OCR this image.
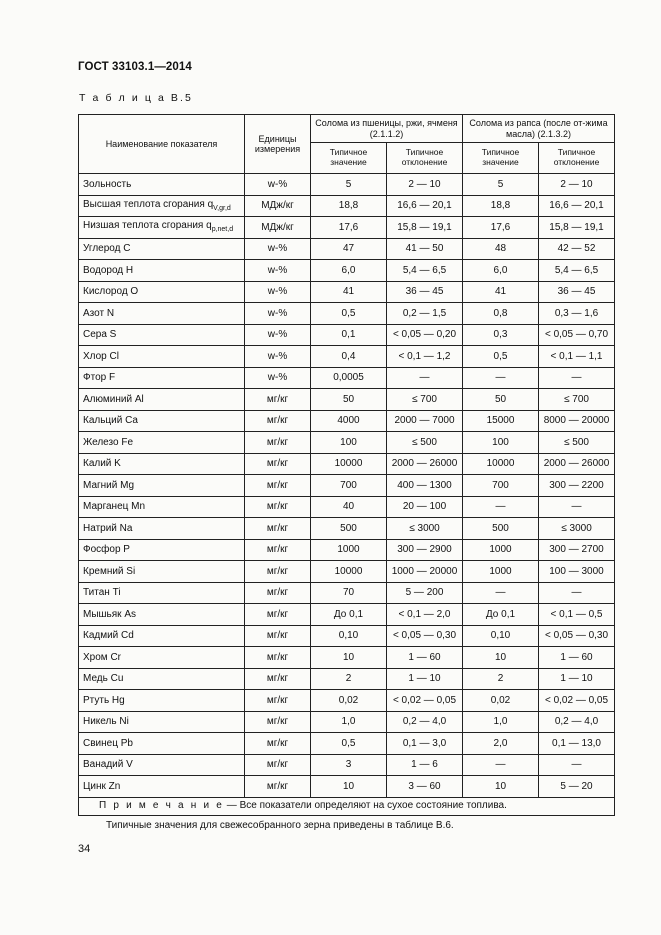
ГОСТ 33103.1—2014
Т а б л и ц а В.5
Наименование показателя	Единицы измерения	Солома из пшеницы, ржи, ячменя (2.1.1.2)		Солома из рапса (после от-жима масла) (2.1.3.2)	
		Типичное значение	Типичное отклонение	Типичное значение	Типичное отклонение
Зольность	w-%	5	2 — 10	5	2 — 10
Высшая теплота сгорания $q_{V,gr,d}$	МДж/кг	18,8	16,6 — 20,1	18,8	16,6 — 20,1
Низшая теплота сгорания $q_{p,net,d}$	МДж/кг	17,6	15,8 — 19,1	17,6	15,8 — 19,1
Углерод C	w-%	47	41 — 50	48	42 — 52
Водород H	w-%	6,0	5,4 — 6,5	6,0	5,4 — 6,5
Кислород O	w-%	41	36 — 45	41	36 — 45
Азот N	w-%	0,5	0,2 — 1,5	0,8	0,3 — 1,6
Сера S	w-%	0,1	< 0,05 — 0,20	0,3	< 0,05 — 0,70
Хлор Cl	w-%	0,4	< 0,1 — 1,2	0,5	< 0,1 — 1,1
Фтор F	w-%	0,0005	—	—	—
Алюминий Al	мг/кг	50	≤ 700	50	≤ 700
Кальций Ca	мг/кг	4000	2000 — 7000	15000	8000 — 20000
Железо Fe	мг/кг	100	≤ 500	100	≤ 500
Калий K	мг/кг	10000	2000 — 26000	10000	2000 — 26000
Магний Mg	мг/кг	700	400 — 1300	700	300 — 2200
Марганец Mn	мг/кг	40	20 — 100	—	—
Натрий Na	мг/кг	500	≤ 3000	500	≤ 3000
Фосфор P	мг/кг	1000	300 — 2900	1000	300 — 2700
Кремний Si	мг/кг	10000	1000 — 20000	1000	100 — 3000
Титан Ti	мг/кг	70	5 — 200	—	—
Мышьяк As	мг/кг	До 0,1	< 0,1 — 2,0	До 0,1	< 0,1 — 0,5
Кадмий Cd	мг/кг	0,10	< 0,05 — 0,30	0,10	< 0,05 — 0,30
Хром Cr	мг/кг	10	1 — 60	10	1 — 60
Медь Cu	мг/кг	2	1 — 10	2	1 — 10
Ртуть Hg	мг/кг	0,02	< 0,02 — 0,05	0,02	< 0,02 — 0,05
Никель Ni	мг/кг	1,0	0,2 — 4,0	1,0	0,2 — 4,0
Свинец Pb	мг/кг	0,5	0,1 — 3,0	2,0	0,1 — 13,0
Ванадий V	мг/кг	3	1 — 6	—	—
Цинк Zn	мг/кг	10	3 — 60	10	5 — 20
П р и м е ч а н и е — Все показатели определяют на сухое состояние топлива.					
Типичные значения для свежесобранного зерна приведены в таблице В.6.
34
